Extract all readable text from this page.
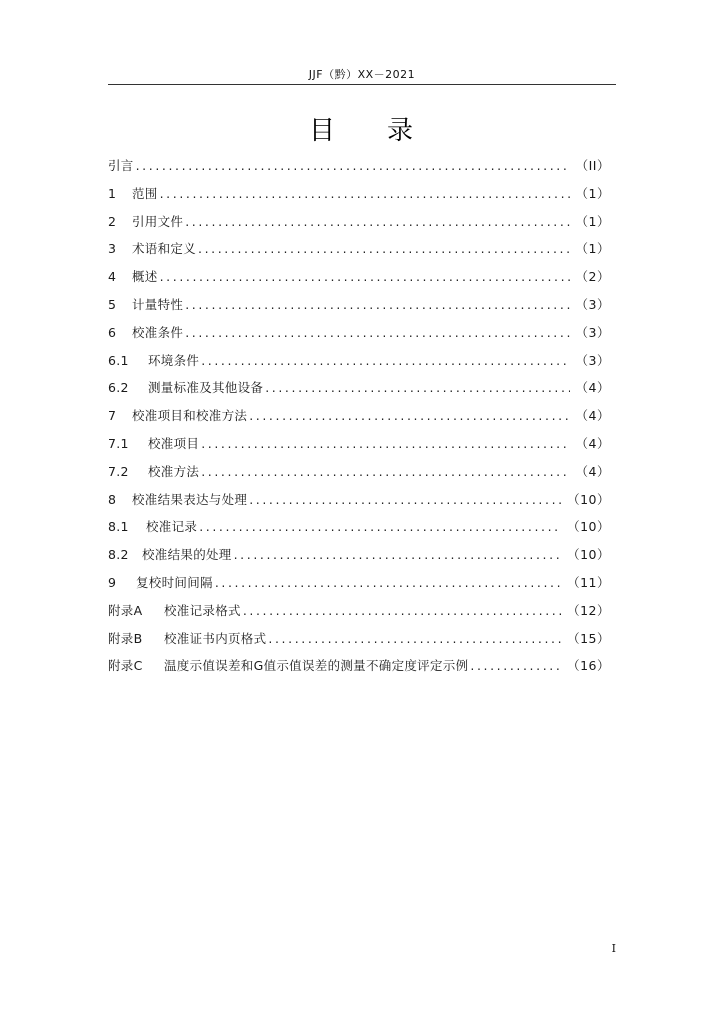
JJF（黔）XX－2021
目 录
引言 .....	（II）
1 范围 .....	（1）
2 引用文件 .....	（1）
3 术语和定义 .....	（1）
4 概述 .....	（2）
5 计量特性 .....	（3）
6 校准条件 .....	（3）
6.1 环境条件 .....	（3）
6.2 测量标准及其他设备 .....	（4）
7 校准项目和校准方法 .....	（4）
7.1 校准项目 .....	（4）
7.2 校准方法 .....	（4）
8 校准结果表达与处理 .....	（10）
8.1 校准记录 .....	（10）
8.2 校准结果的处理 .....	（10）
9 复校时间间隔 .....	（11）
附录A 校准记录格式 .....	（12）
附录B 校准证书内页格式 .....	（15）
附录C 温度示值误差和G值示值误差的测量不确定度评定示例 .....	（16）
I
